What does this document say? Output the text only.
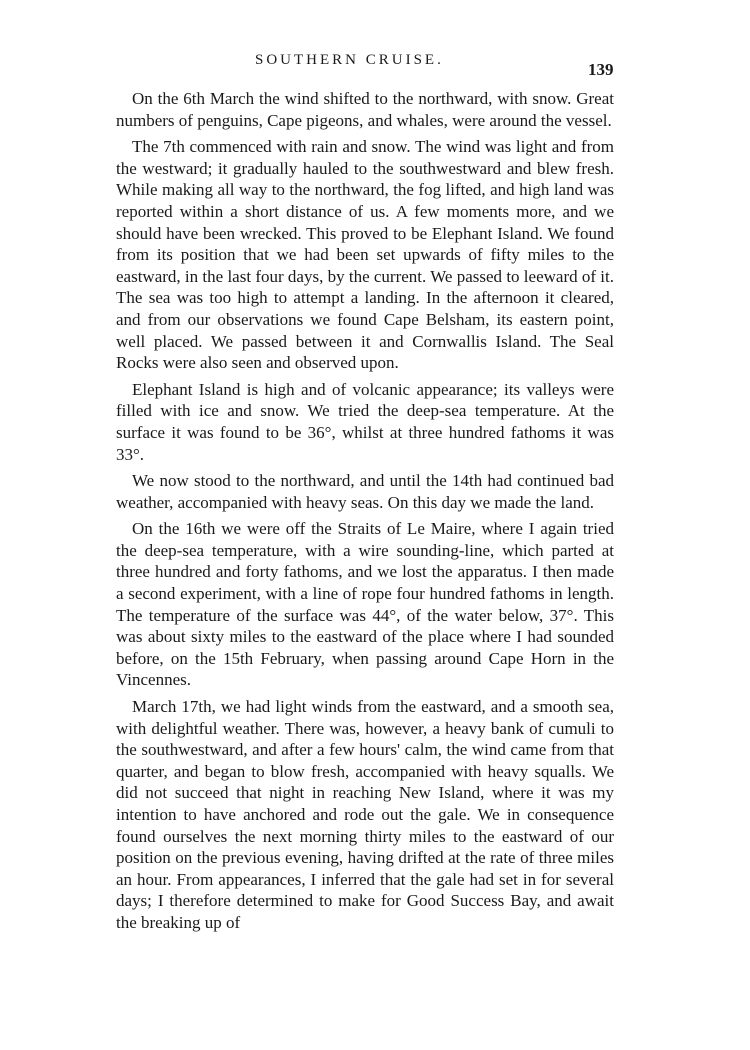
SOUTHERN CRUISE.	139

On the 6th March the wind shifted to the northward, with snow. Great numbers of penguins, Cape pigeons, and whales, were around the vessel.

The 7th commenced with rain and snow. The wind was light and from the westward; it gradually hauled to the southwestward and blew fresh. While making all way to the northward, the fog lifted, and high land was reported within a short distance of us. A few moments more, and we should have been wrecked. This proved to be Elephant Island. We found from its position that we had been set upwards of fifty miles to the eastward, in the last four days, by the current. We passed to leeward of it. The sea was too high to attempt a landing. In the afternoon it cleared, and from our observations we found Cape Belsham, its eastern point, well placed. We passed between it and Cornwallis Island. The Seal Rocks were also seen and observed upon.

Elephant Island is high and of volcanic appearance; its valleys were filled with ice and snow. We tried the deep-sea temperature. At the surface it was found to be 36°, whilst at three hundred fathoms it was 33°.

We now stood to the northward, and until the 14th had continued bad weather, accompanied with heavy seas. On this day we made the land.

On the 16th we were off the Straits of Le Maire, where I again tried the deep-sea temperature, with a wire sounding-line, which parted at three hundred and forty fathoms, and we lost the apparatus. I then made a second experiment, with a line of rope four hundred fathoms in length. The temperature of the surface was 44°, of the water below, 37°. This was about sixty miles to the eastward of the place where I had sounded before, on the 15th February, when passing around Cape Horn in the Vincennes.

March 17th, we had light winds from the eastward, and a smooth sea, with delightful weather. There was, however, a heavy bank of cumuli to the southwestward, and after a few hours' calm, the wind came from that quarter, and began to blow fresh, accompanied with heavy squalls. We did not succeed that night in reaching New Island, where it was my intention to have anchored and rode out the gale. We in consequence found ourselves the next morning thirty miles to the eastward of our position on the previous evening, having drifted at the rate of three miles an hour. From appearances, I inferred that the gale had set in for several days; I therefore determined to make for Good Success Bay, and await the breaking up of
